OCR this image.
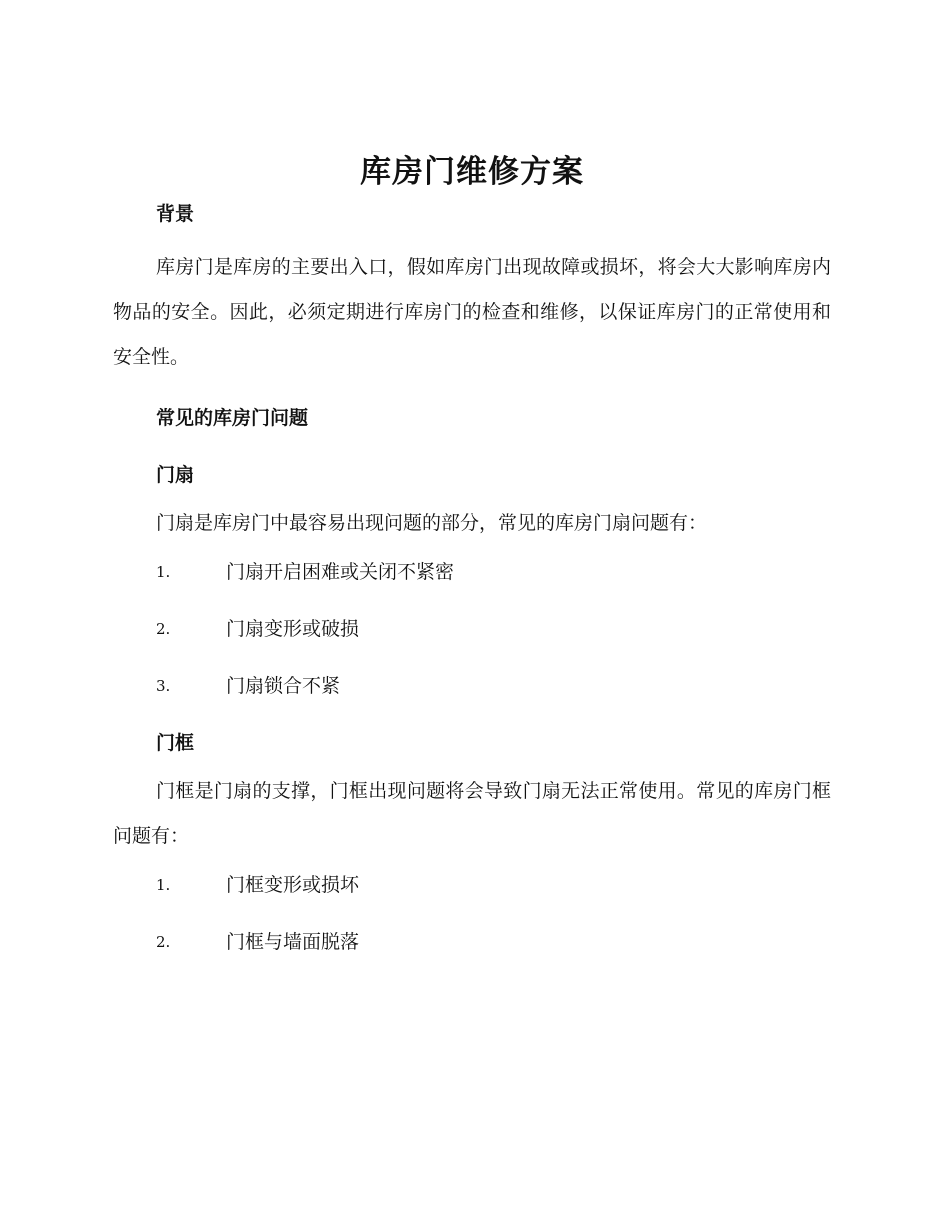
库房门维修方案
背景

库房门是库房的主要出入口，假如库房门出现故障或损坏，将会大大影响库房内物品的安全。因此，必须定期进行库房门的检查和维修，以保证库房门的正常使用和安全性。

常见的库房门问题
门扇

门扇是库房门中最容易出现问题的部分，常见的库房门扇问题有：

1.	门扇开启困难或关闭不紧密
2.	门扇变形或破损
3.	门扇锁合不紧
门框

门框是门扇的支撑，门框出现问题将会导致门扇无法正常使用。常见的库房门框问题有：

1.	门框变形或损坏
2.	门框与墙面脱落
